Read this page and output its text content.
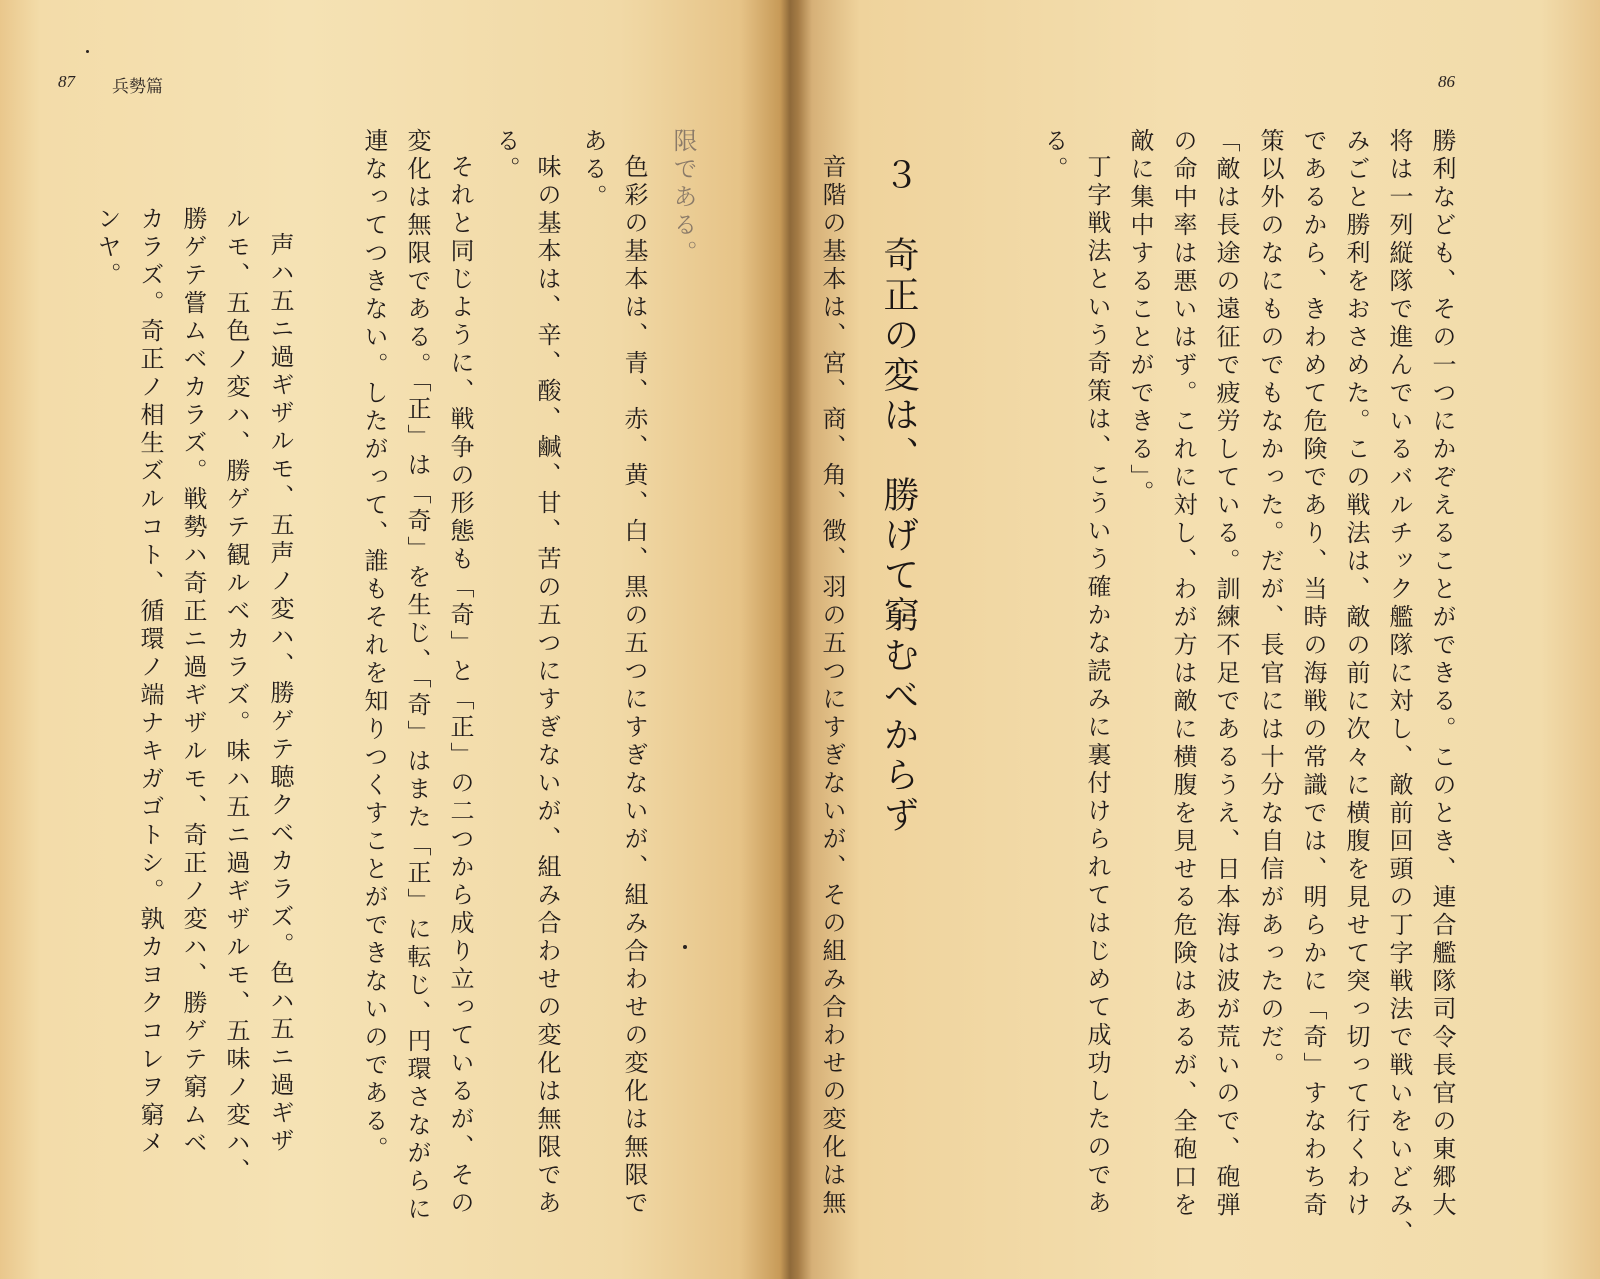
87 兵勢篇
限である。
色彩の基本は、青、赤、黄、白、黒の五つにすぎないが、組み合わせの変化は無限で
ある。
味の基本は、辛、酸、鹹、甘、苦の五つにすぎないが、組み合わせの変化は無限であ
る。
それと同じように、戦争の形態も「奇」と「正」の二つから成り立っているが、その
変化は無限である。「正」は「奇」を生じ、「奇」はまた「正」に転じ、円環さながらに
連なってつきない。したがって、誰もそれを知りつくすことができないのである。
声ハ五ニ過ギザルモ、五声ノ変ハ、勝ゲテ聴クベカラズ。色ハ五ニ過ギザ
ルモ、五色ノ変ハ、勝ゲテ観ルベカラズ。味ハ五ニ過ギザルモ、五味ノ変ハ、
勝ゲテ嘗ムベカラズ。戦勢ハ奇正ニ過ギザルモ、奇正ノ変ハ、勝ゲテ窮ムベ
カラズ。奇正ノ相生ズルコト、循環ノ端ナキガゴトシ。孰カヨクコレヲ窮メ
ンヤ。
86
勝利なども、その一つにかぞえることができる。このとき、連合艦隊司令長官の東郷大
将は一列縦隊で進んでいるバルチック艦隊に対し、敵前回頭の丁字戦法で戦いをいどみ、
みごと勝利をおさめた。この戦法は、敵の前に次々に横腹を見せて突っ切って行くわけ
であるから、きわめて危険であり、当時の海戦の常識では、明らかに「奇」すなわち奇
策以外のなにものでもなかった。だが、長官には十分な自信があったのだ。
「敵は長途の遠征で疲労している。訓練不足であるうえ、日本海は波が荒いので、砲弾
の命中率は悪いはず。これに対し、わが方は敵に横腹を見せる危険はあるが、全砲口を
敵に集中することができる」。
丁字戦法という奇策は、こういう確かな読みに裏付けられてはじめて成功したのであ
る。
３　奇正の変は、勝げて窮むべからず
音階の基本は、宮、商、角、徴、羽の五つにすぎないが、その組み合わせの変化は無
